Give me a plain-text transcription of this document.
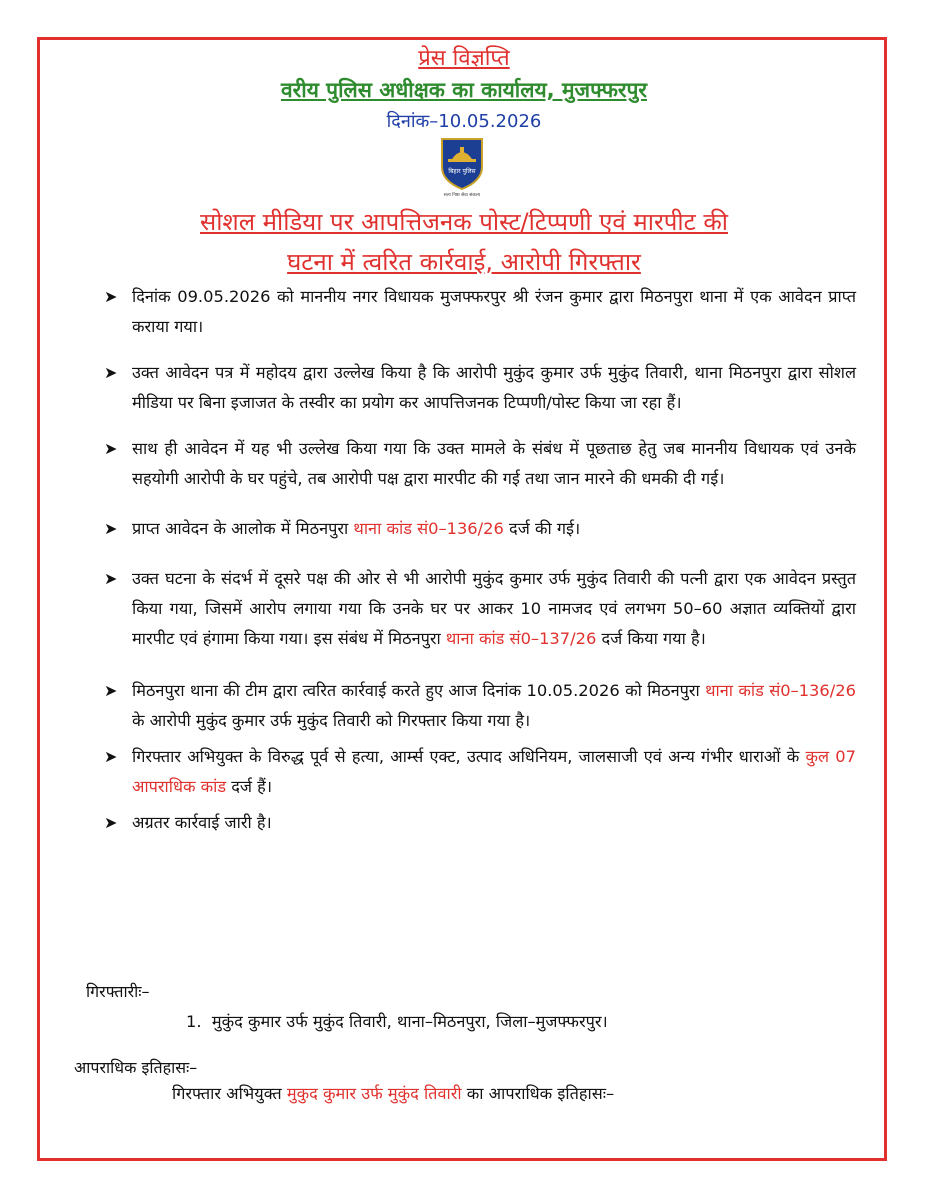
प्रेस विज्ञप्ति
वरीय पुलिस अधीक्षक का कार्यालय, मुजफ्फरपुर
दिनांक–10.05.2026
बिहार पुलिस
सत्य निष्ठा सेवा संकल्प
सोशल मीडिया पर आपत्तिजनक पोस्ट/टिप्पणी एवं मारपीट की
घटना में त्वरित कार्रवाई, आरोपी गिरफ्तार
➤ दिनांक 09.05.2026 को माननीय नगर विधायक मुजफ्फरपुर श्री रंजन कुमार द्वारा मिठनपुरा थाना में एक आवेदन प्राप्त कराया गया।
➤ उक्त आवेदन पत्र में महोदय द्वारा उल्लेख किया है कि आरोपी मुकुंद कुमार उर्फ मुकुंद तिवारी, थाना मिठनपुरा द्वारा सोशल मीडिया पर बिना इजाजत के तस्वीर का प्रयोग कर आपत्तिजनक टिप्पणी/पोस्ट किया जा रहा हैं।
➤ साथ ही आवेदन में यह भी उल्लेख किया गया कि उक्त मामले के संबंध में पूछताछ हेतु जब माननीय विधायक एवं उनके सहयोगी आरोपी के घर पहुंचे, तब आरोपी पक्ष द्वारा मारपीट की गई तथा जान मारने की धमकी दी गई।
➤ प्राप्त आवेदन के आलोक में मिठनपुरा थाना कांड सं0–136/26 दर्ज की गई।
➤ उक्त घटना के संदर्भ में दूसरे पक्ष की ओर से भी आरोपी मुकुंद कुमार उर्फ मुकुंद तिवारी की पत्नी द्वारा एक आवेदन प्रस्तुत किया गया, जिसमें आरोप लगाया गया कि उनके घर पर आकर 10 नामजद एवं लगभग 50–60 अज्ञात व्यक्तियों द्वारा मारपीट एवं हंगामा किया गया। इस संबंध में मिठनपुरा थाना कांड सं0–137/26 दर्ज किया गया है।
➤ मिठनपुरा थाना की टीम द्वारा त्वरित कार्रवाई करते हुए आज दिनांक 10.05.2026 को मिठनपुरा थाना कांड सं0–136/26 के आरोपी मुकुंद कुमार उर्फ मुकुंद तिवारी को गिरफ्तार किया गया है।
➤ गिरफ्तार अभियुक्त के विरुद्ध पूर्व से हत्या, आर्म्स एक्ट, उत्पाद अधिनियम, जालसाजी एवं अन्य गंभीर धाराओं के कुल 07 आपराधिक कांड दर्ज हैं।
➤ अग्रतर कार्रवाई जारी है।
गिरफ्तारीः–
1. मुकुंद कुमार उर्फ मुकुंद तिवारी, थाना–मिठनपुरा, जिला–मुजफ्फरपुर।
आपराधिक इतिहासः–
गिरफ्तार अभियुक्त मुकुद कुमार उर्फ मुकुंद तिवारी का आपराधिक इतिहासः–
